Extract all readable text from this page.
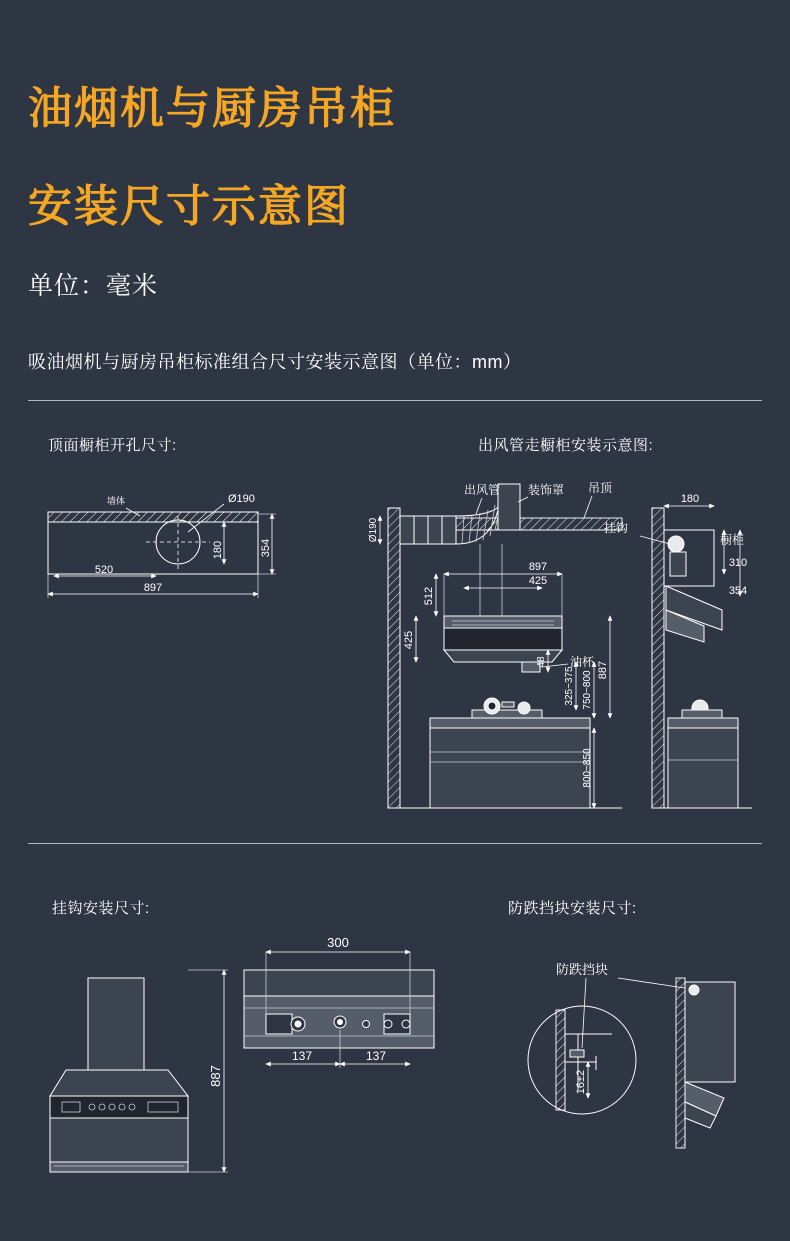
油烟机与厨房吊柜
安装尺寸示意图
单位：毫米
吸油烟机与厨房吊柜标准组合尺寸安装示意图（单位：mm）
顶面橱柜开孔尺寸:	出风管走橱柜安装示意图:
挂钩安装尺寸:	防跌挡块安装尺寸:
墙体	Ø190
180	354
520
897
出风管 装饰罩 吊顶
油杯
Ø190
897
425
512
425
48
750~800
325~375
800~850
887
橱柜
挂钩
180
310
354
300
137	137
887	16±2
防跌挡块
